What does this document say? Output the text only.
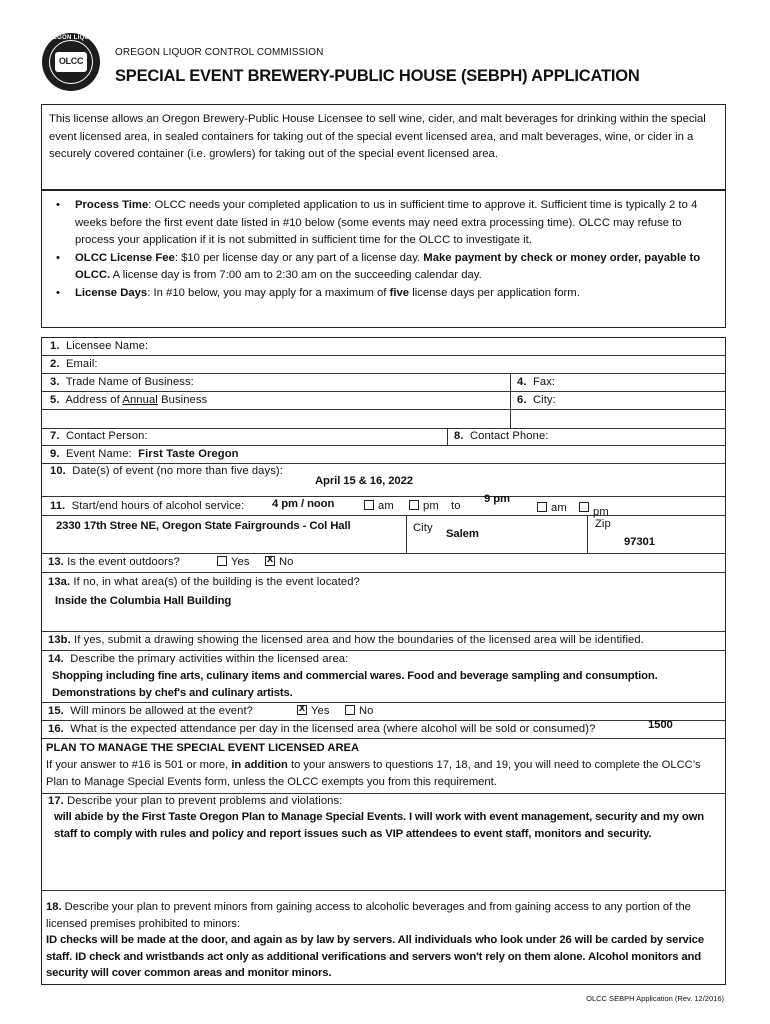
OREGON LIQUOR
OLCC
OREGON LIQUOR CONTROL COMMISSION
SPECIAL EVENT BREWERY-PUBLIC HOUSE (SEBPH) APPLICATION
This license allows an Oregon Brewery-Public House Licensee to sell wine, cider, and malt beverages for drinking within the special event licensed area, in sealed containers for taking out of the special event licensed area, and malt beverages, wine, or cider in a securely covered container (i.e. growlers) for taking out of the special event licensed area.
• Process Time: OLCC needs your completed application to us in sufficient time to approve it. Sufficient time is typically 2 to 4 weeks before the first event date listed in #10 below (some events may need extra processing time). OLCC may refuse to process your application if it is not submitted in sufficient time for the OLCC to investigate it.
• OLCC License Fee: $10 per license day or any part of a license day. Make payment by check or money order, payable to OLCC. A license day is from 7:00 am to 2:30 am on the succeeding calendar day.
• License Days: In #10 below, you may apply for a maximum of five license days per application form.
1. Licensee Name:
2. Email:
3. Trade Name of Business:	4. Fax:
5. Address of Annual Business	6. City:
7. Contact Person:	8. Contact Phone:
9. Event Name: First Taste Oregon
10. Date(s) of event (no more than five days):
April 15 & 16, 2022
11. Start/end hours of alcohol service: 4 pm / noon	am	pm to
9 pm
am	pm
2330 17th Stree NE, Oregon State Fairgrounds - Col Hall	City Salem
Zip
97301
13. Is the event outdoors?	Yes x	No
13a. If no, in what area(s) of the building is the event located?
Inside the Columbia Hall Building
13b. If yes, submit a drawing showing the licensed area and how the boundaries of the licensed area will be identified.
14. Describe the primary activities within the licensed area:
Shopping including fine arts, culinary items and commercial wares. Food and beverage sampling and consumption. Demonstrations by chef's and culinary artists.
15. Will minors be allowed at the event? x	Yes	No
16. What is the expected attendance per day in the licensed area (where alcohol will be sold or consumed)?	1500
PLAN TO MANAGE THE SPECIAL EVENT LICENSED AREA
If your answer to #16 is 501 or more, in addition to your answers to questions 17, 18, and 19, you will need to complete the OLCC’s Plan to Manage Special Events form, unless the OLCC exempts you from this requirement.
17. Describe your plan to prevent problems and violations:
will abide by the First Taste Oregon Plan to Manage Special Events. I will work with event management, security and my own staff to comply with rules and policy and report issues such as VIP attendees to event staff, monitors and security.
18. Describe your plan to prevent minors from gaining access to alcoholic beverages and from gaining access to any portion of the licensed premises prohibited to minors:
ID checks will be made at the door, and again as by law by servers. All individuals who look under 26 will be carded by service staff. ID check and wristbands act only as additional verifications and servers won't rely on them alone. Alcohol monitors and security will cover common areas and monitor minors.
OLCC SEBPH Application (Rev. 12/2016)
